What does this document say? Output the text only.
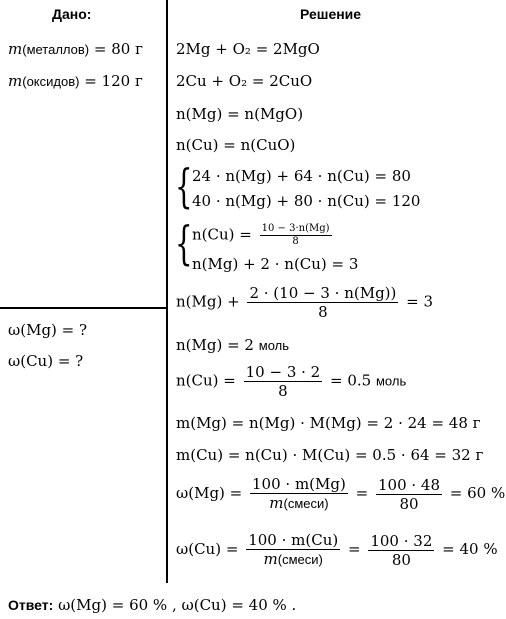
Дано:	Решение
m(металлов) = 80 г
m(оксидов) = 120 г
ω(Mg) = ?
ω(Cu) = ?
2Mg + O₂ = 2MgO
2Cu + O₂ = 2CuO
n(Mg) = n(MgO)
n(Cu) = n(CuO)
{ 24 · n(Mg) + 64 · n(Cu) = 80
40 · n(Mg) + 80 · n(Cu) = 120
{ $n(Cu) = \frac{10 - 3\cdot n(Mg)}{8}$
n(Mg) + 2 · n(Cu) = 3
$n(Mg) + \frac{2 \cdot (10 - 3 \cdot n(Mg))}{8} = 3$
n(Mg) = 2 моль
$n(Cu) = \frac{10 - 3 \cdot 2}{8} = 0.5$ моль
m(Mg) = n(Mg) · M(Mg) = 2 · 24 = 48 г
m(Cu) = n(Cu) · M(Cu) = 0.5 · 64 = 32 г
$\omega(Mg) = \frac{100 \cdot m(Mg)}{\text{m(смеси)}} = \frac{100 \cdot 48}{80} = 60$ %
$\omega(Cu) = \frac{100 \cdot m(Cu)}{\text{m(смеси)}} = \frac{100 \cdot 32}{80} = 40$ %
Ответ: ω(Mg) = 60 % , ω(Cu) = 40 % .
